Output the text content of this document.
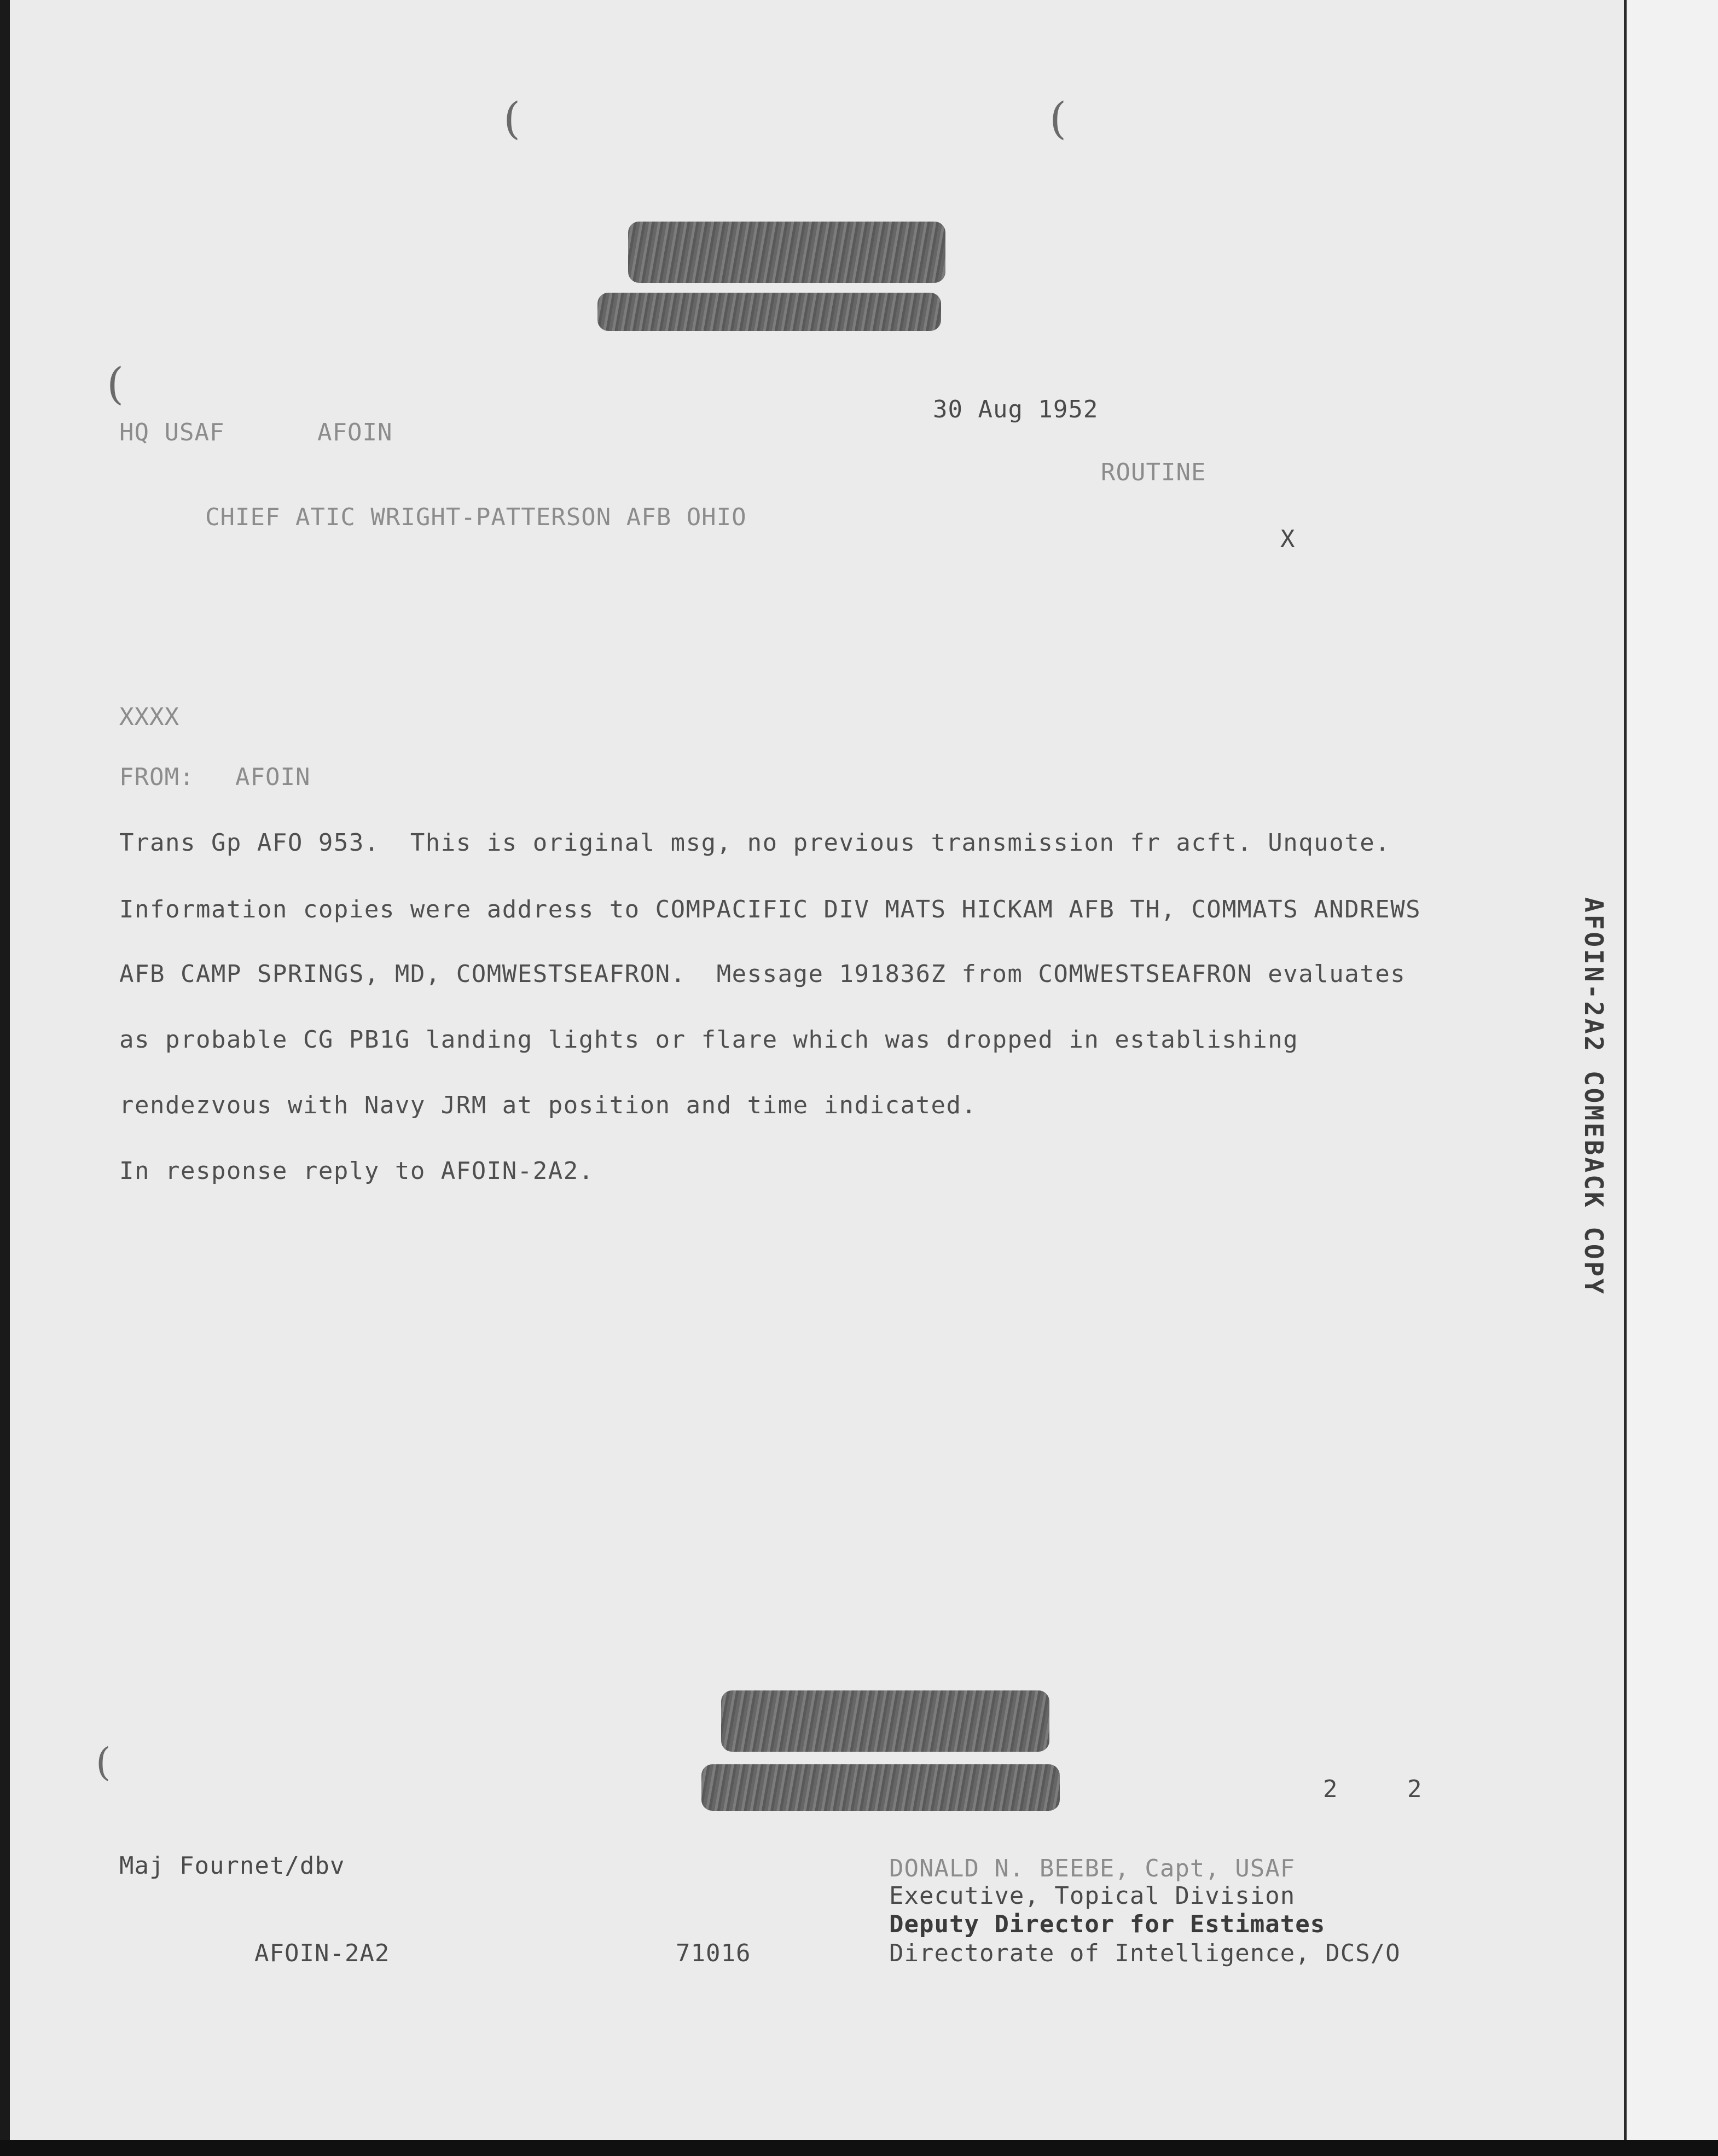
(	(
(
(
HQ USAF	AFOIN
30 Aug 1952
ROUTINE
CHIEF ATIC WRIGHT-PATTERSON AFB OHIO
X
XXXX
FROM: AFOIN
Trans Gp AFO 953.  This is original msg, no previous transmission fr acft. Unquote.
Information copies were address to COMPACIFIC DIV MATS HICKAM AFB TH, COMMATS ANDREWS
AFB CAMP SPRINGS, MD, COMWESTSEAFRON.  Message 191836Z from COMWESTSEAFRON evaluates
as probable CG PB1G landing lights or flare which was dropped in establishing
rendezvous with Navy JRM at position and time indicated.
In response reply to AFOIN-2A2.	AFOIN-2A2 COMEBACK COPY
2	2
Maj Fournet/dbv
AFOIN-2A2	71016
DONALD N. BEEBE, Capt, USAF
Executive, Topical Division
Deputy Director for Estimates
Directorate of Intelligence, DCS/O
